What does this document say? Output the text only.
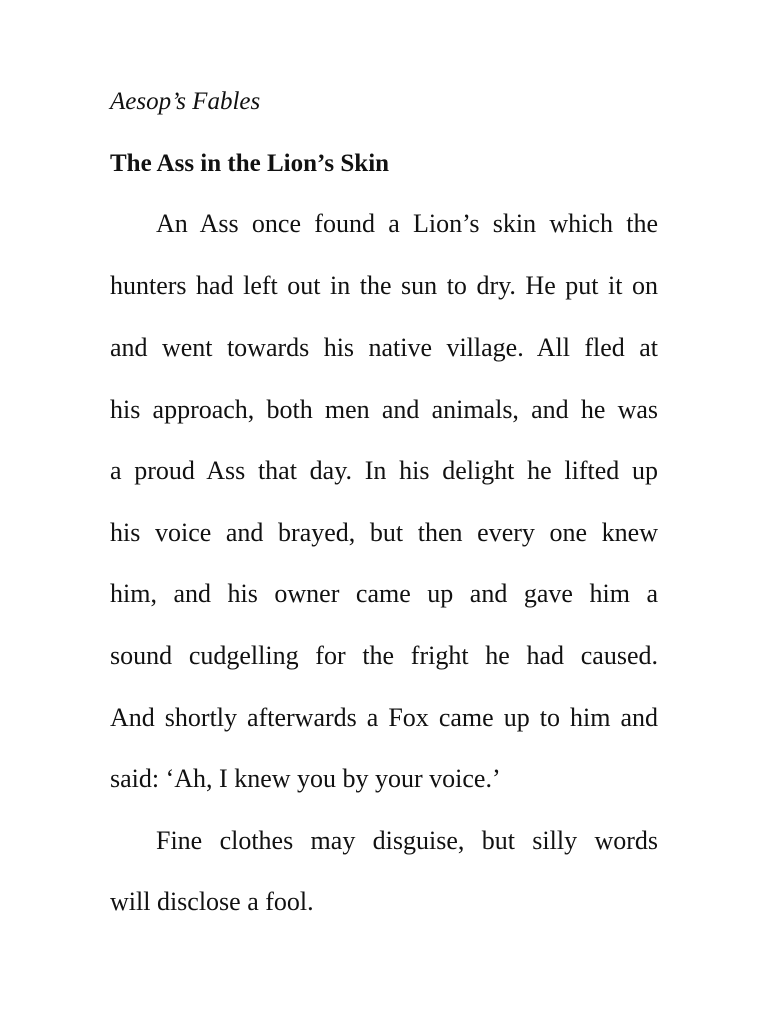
Aesop’s Fables
The Ass in the Lion’s Skin
An Ass once found a Lion’s skin which the
hunters had left out in the sun to dry. He put it on
and went towards his native village. All fled at
his approach, both men and animals, and he was
a proud Ass that day. In his delight he lifted up
his voice and brayed, but then every one knew
him, and his owner came up and gave him a
sound cudgelling for the fright he had caused.
And shortly afterwards a Fox came up to him and
said: ‘Ah, I knew you by your voice.’
Fine clothes may disguise, but silly words
will disclose a fool.
